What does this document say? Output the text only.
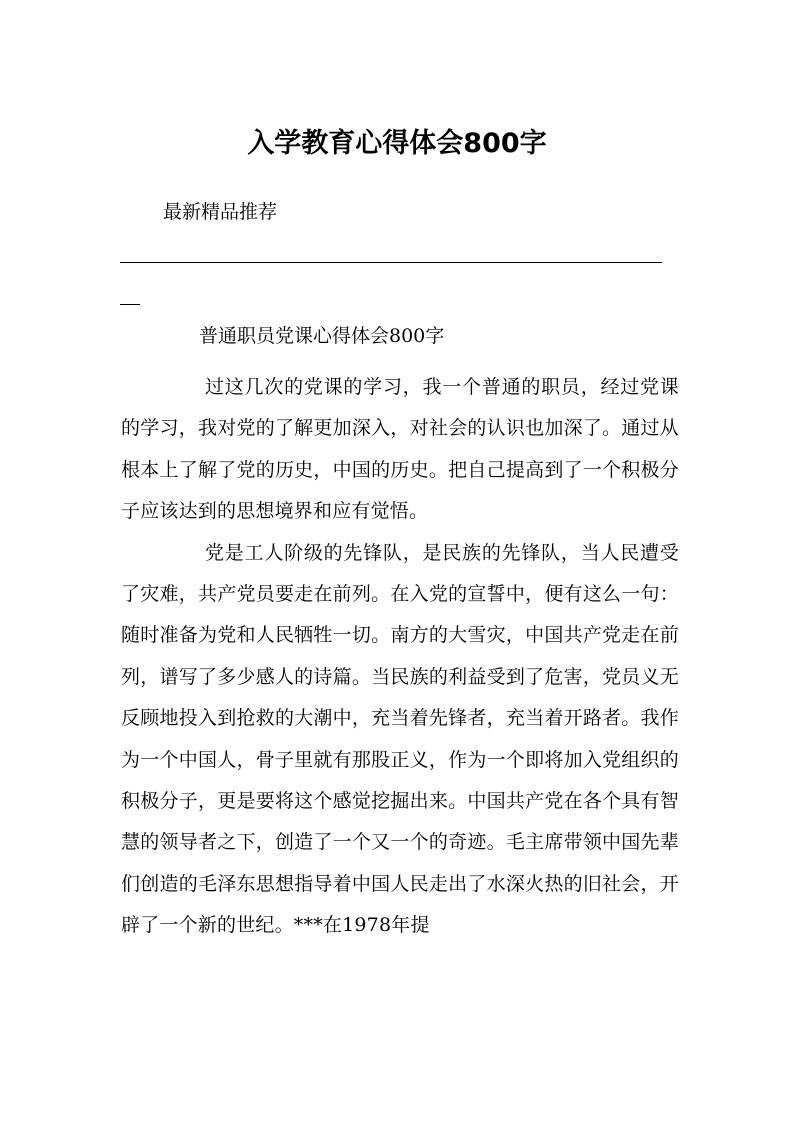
入学教育心得体会800字
最新精品推荐
普通职员党课心得体会800字

过这几次的党课的学习，我一个普通的职员，经过党课的学习，我对党的了解更加深入，对社会的认识也加深了。通过从根本上了解了党的历史，中国的历史。把自己提高到了一个积极分子应该达到的思想境界和应有觉悟。

党是工人阶级的先锋队，是民族的先锋队，当人民遭受了灾难，共产党员要走在前列。在入党的宣誓中，便有这么一句：随时准备为党和人民牺牲一切。南方的大雪灾，中国共产党走在前列，谱写了多少感人的诗篇。当民族的利益受到了危害，党员义无反顾地投入到抢救的大潮中，充当着先锋者，充当着开路者。我作为一个中国人，骨子里就有那股正义，作为一个即将加入党组织的积极分子，更是要将这个感觉挖掘出来。中国共产党在各个具有智慧的领导者之下，创造了一个又一个的奇迹。毛主席带领中国先辈们创造的毛泽东思想指导着中国人民走出了水深火热的旧社会，开辟了一个新的世纪。***在1978年提
